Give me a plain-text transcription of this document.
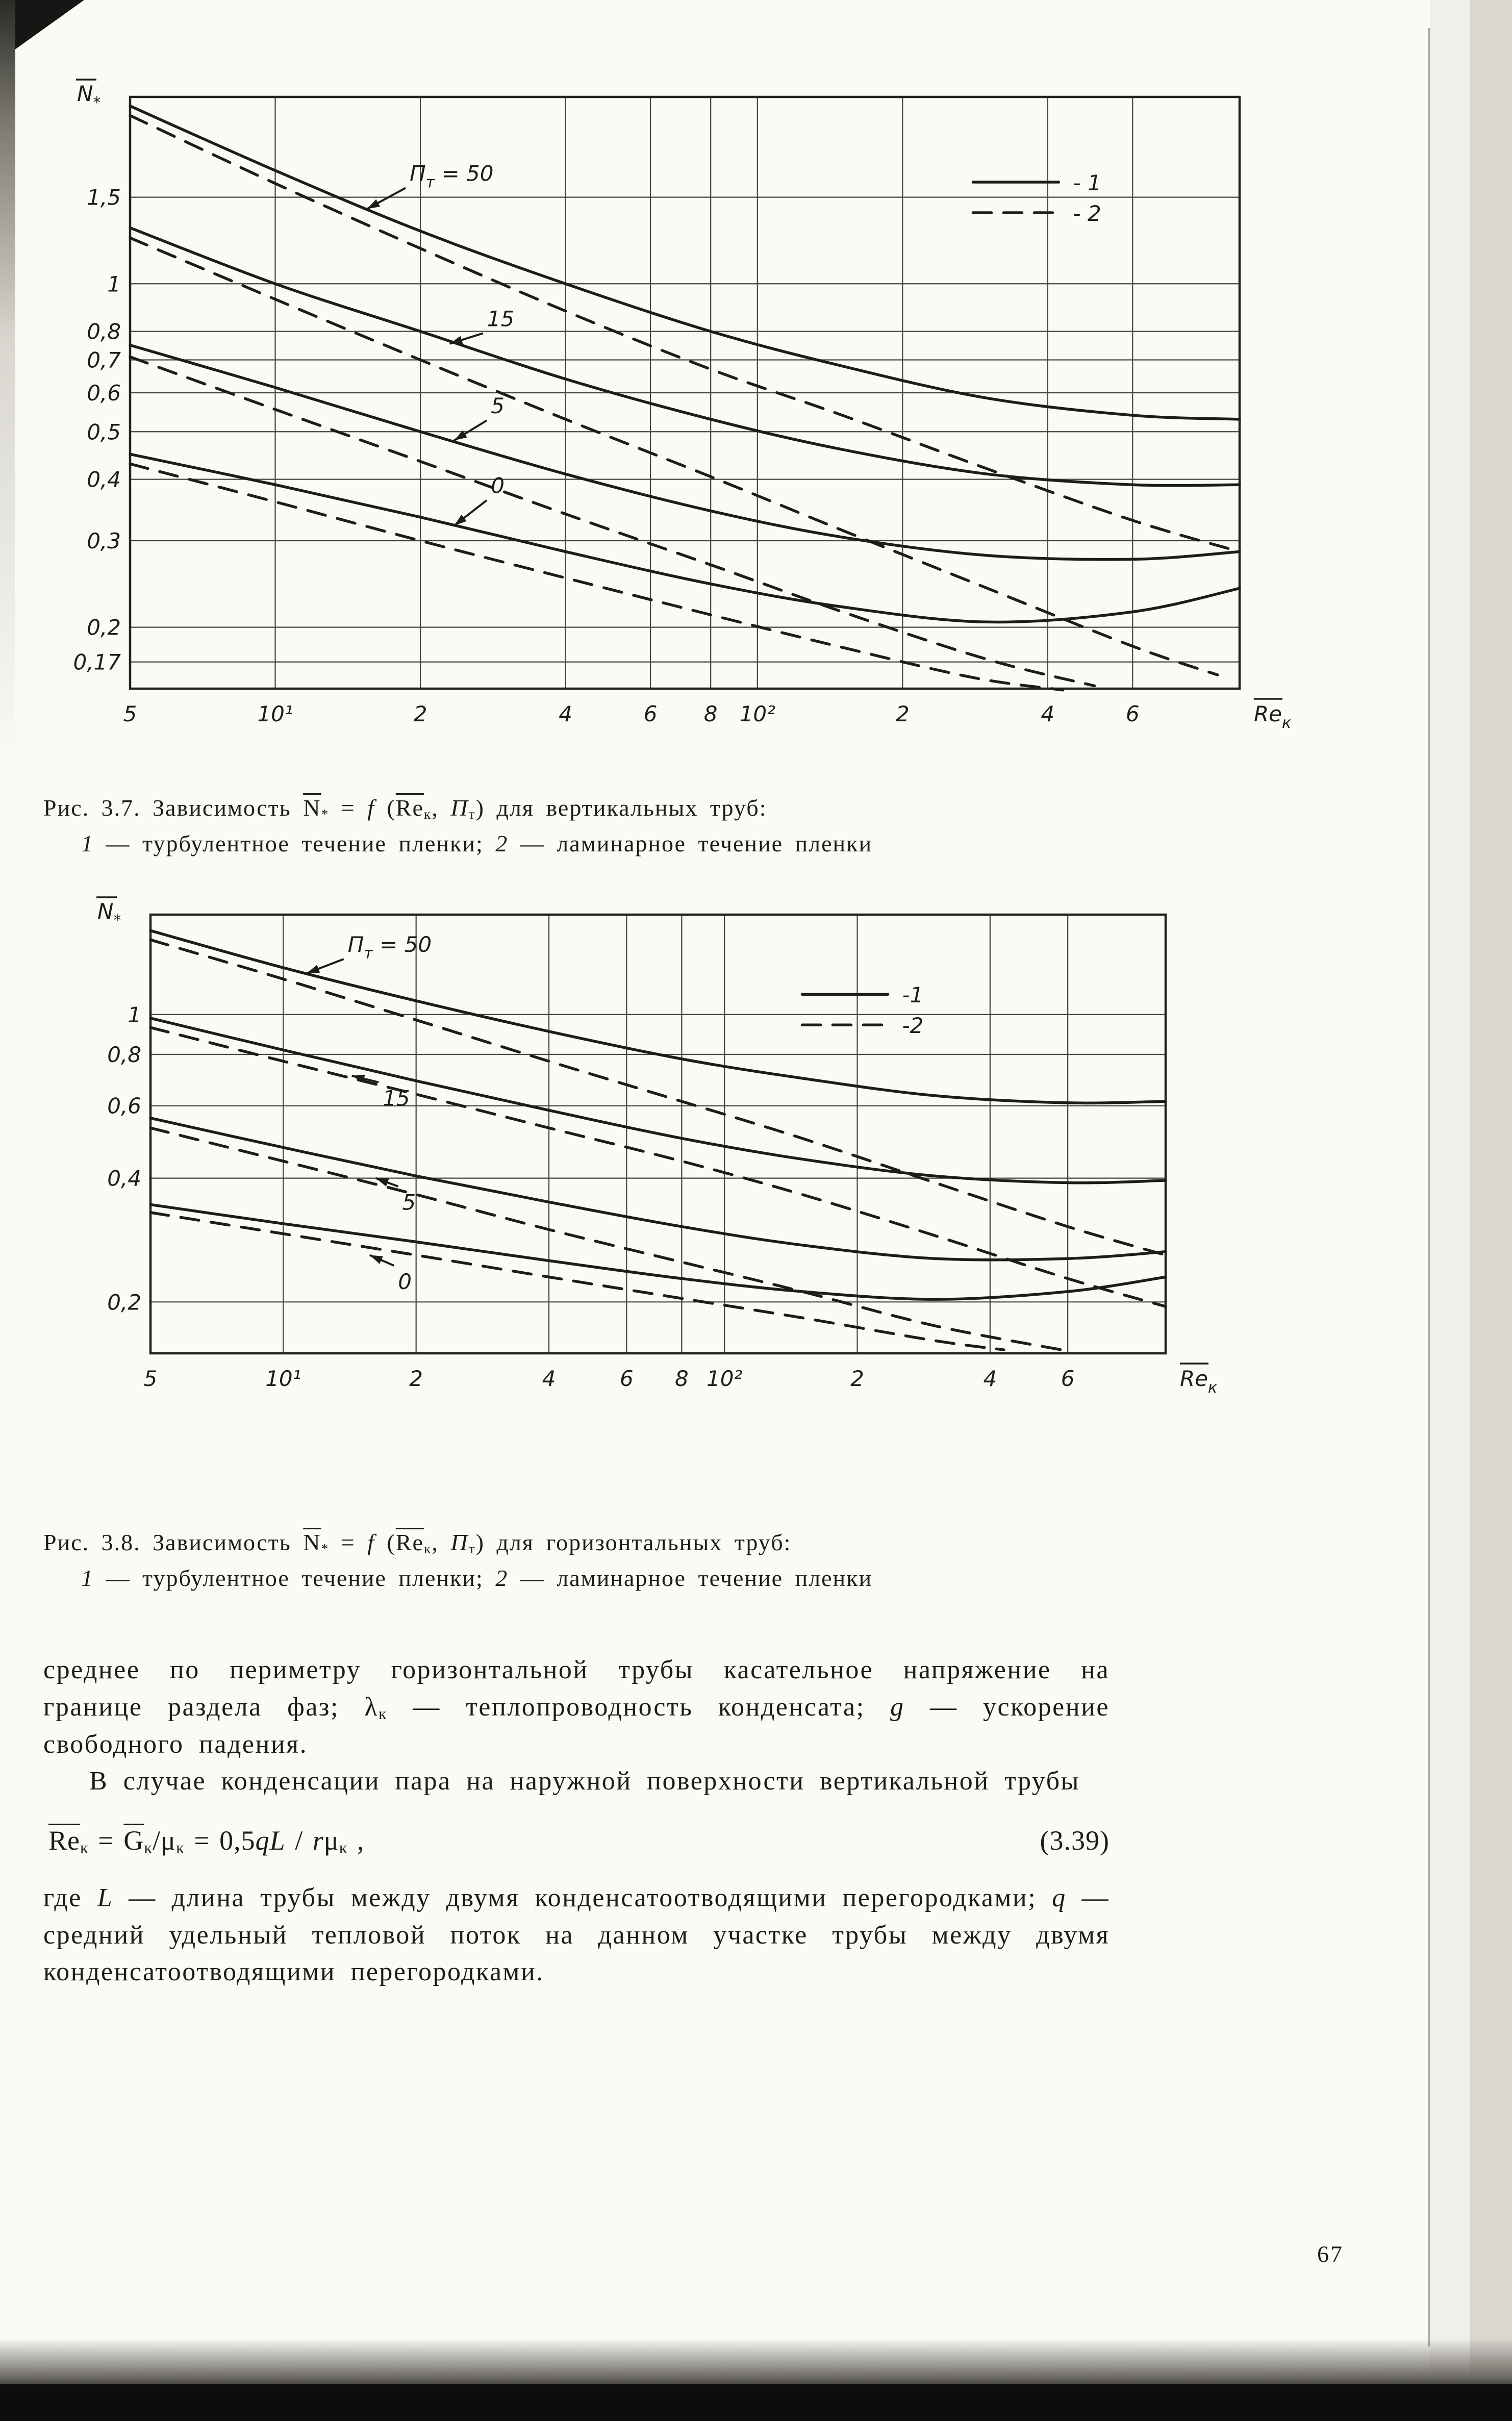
5	10¹	2	4	6 8 10²	2	4	6
1,5
1
0,8
0,7
0,6
0,5
0,4
0,3
0,2
0,17
$N_*$
$Re_к$
- 1
- 2
$П_т = 50$
15
5
0
Рис. 3.7. Зависимость $\overline{N}_* = f$ ($\overline{Re}_к$, $П_т$) для вертикальных труб:
1 — турбулентное течение пленки; 2 — ламинарное течение пленки
5	10¹	2	4	6 8 10²	2	4	6
1
0,8
0,6
0,4
0,2
$N_*$
$Re_к$
-1
-2
$П_т = 50$
15
5
0
Рис. 3.8. Зависимость $\overline{N}_* = f$ ($\overline{Re}_к$, $П_т$) для горизонтальных труб:
1 — турбулентное течение пленки; 2 — ламинарное течение пленки

среднее по периметру горизонтальной трубы касательное напряжение на границе раздела фаз; $\lambda_к$ — теплопроводность конденсата; g — ускорение свободного падения.

В случае конденсации пара на наружной поверхности вертикальной трубы

$\overline{Re}_к = \overline{G}_к/\mu_к = 0,5qL / r\mu_к$ ,	(3.39)

где L — длина трубы между двумя конденсатоотводящими перегородками; q — средний удельный тепловой поток на данном участке трубы между двумя конденсатоотводящими перегородками.

67
